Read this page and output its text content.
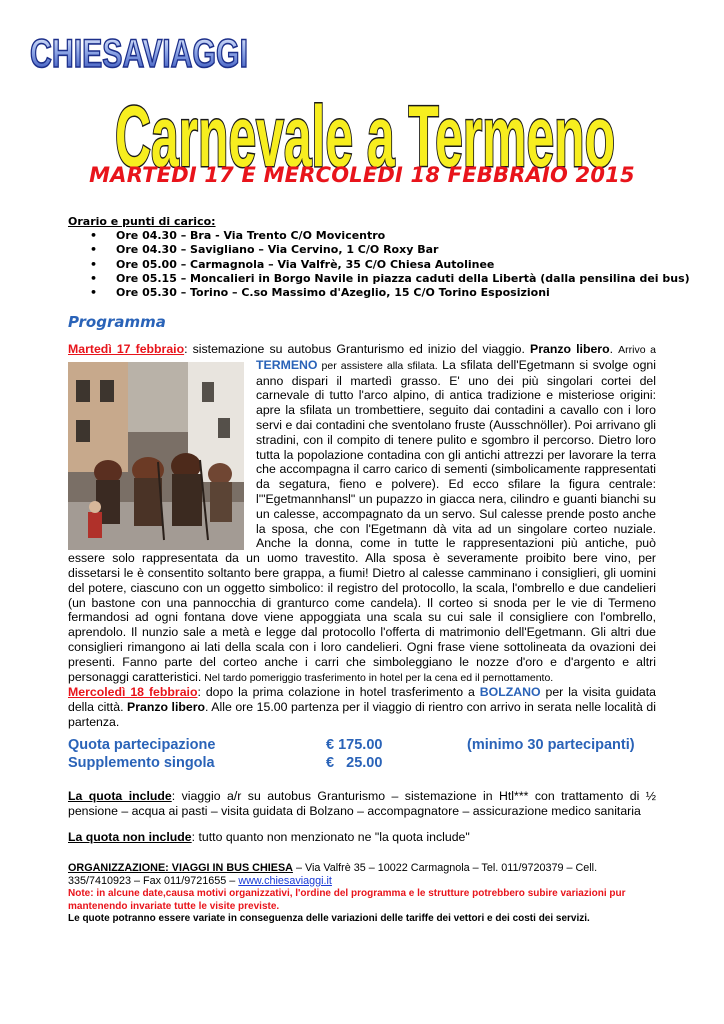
CHIESAVIAGGI
Carnevale a Termeno
MARTEDI 17 E MERCOLEDI 18 FEBBRAIO 2015
Orario e punti di carico:
• Ore 04.30 – Bra - Via Trento C/O Movicentro
• Ore 04.30 – Savigliano – Via Cervino, 1 C/O Roxy Bar
• Ore 05.00 – Carmagnola – Via Valfrè, 35 C/O Chiesa Autolinee
• Ore 05.15 – Moncalieri in Borgo Navile in piazza caduti della Libertà (dalla pensilina dei bus)
• Ore 05.30 – Torino – C.so Massimo d'Azeglio, 15 C/O Torino Esposizioni
Programma
Martedì 17 febbraio: sistemazione su autobus Granturismo ed inizio del viaggio. Pranzo libero. Arrivo a TERMENO per assistere alla sfilata.
La sfilata dell'Egetmann si svolge ogni anno dispari il martedì grasso. E' uno dei più singolari cortei del carnevale di tutto l'arco alpino, di antica tradizione e misteriose origini: apre la sfilata un trombettiere, seguito dai contadini a cavallo con i loro servi e dai contadini che sventolano fruste (Ausschnöller). Poi arrivano gli stradini, con il compito di tenere pulito e sgombro il percorso. Dietro loro tutta la popolazione contadina con gli antichi attrezzi per lavorare la terra che accompagna il carro carico di sementi (simbolicamente rappresentati da segatura, fieno e polvere). Ed ecco sfilare la figura centrale: l'"Egetmannhansl" un pupazzo in giacca nera, cilindro e guanti bianchi su un calesse, accompagnato da un servo. Sul calesse prende posto anche la sposa, che con l'Egetmann dà vita ad un singolare corteo nuziale. Anche la donna, come in tutte le rappresentazioni più antiche, può essere solo rappresentata da un uomo travestito. Alla sposa è severamente proibito bere vino, per dissetarsi le è consentito soltanto bere grappa, a fiumi! Dietro al calesse camminano i consiglieri, gli uomini del potere, ciascuno con un oggetto simbolico: il registro del protocollo, la scala, l'ombrello e due candelieri (un bastone con una pannocchia di granturco come candela). Il corteo si snoda per le vie di Termeno fermandosi ad ogni fontana dove viene appoggiata una scala su cui sale il consigliere con l'ombrello, aprendolo. Il nunzio sale a metà e legge dal protocollo l'offerta di matrimonio dell'Egetmann. Gli altri due consiglieri rimangono ai lati della scala con i loro candelieri. Ogni frase viene sottolineata da ovazioni dei presenti. Fanno parte del corteo anche i carri che simboleggiano le nozze d'oro e d'argento e altri personaggi caratteristici. Nel tardo pomeriggio trasferimento in hotel per la cena ed il pernottamento.
Mercoledì 18 febbraio: dopo la prima colazione in hotel trasferimento a BOLZANO per la visita guidata della città. Pranzo libero. Alle ore 15.00 partenza per il viaggio di rientro con arrivo in serata nelle località di partenza.
Quota partecipazione	€ 175.00	(minimo 30 partecipanti)
Supplemento singola	€   25.00
La quota include: viaggio a/r su autobus Granturismo – sistemazione in Htl*** con trattamento di ½ pensione – acqua ai pasti – visita guidata di Bolzano – accompagnatore – assicurazione medico sanitaria
La quota non include: tutto quanto non menzionato ne "la quota include"
ORGANIZZAZIONE: VIAGGI IN BUS CHIESA – Via Valfrè 35 – 10022 Carmagnola – Tel. 011/9720379 – Cell. 335/7410923 – Fax 011/9721655 – www.chiesaviaggi.it
Note: in alcune date,causa motivi organizzativi, l'ordine del programma e le strutture potrebbero subire variazioni pur mantenendo invariate tutte le visite previste.
Le quote potranno essere variate in conseguenza delle variazioni delle tariffe dei vettori e dei costi dei servizi.
